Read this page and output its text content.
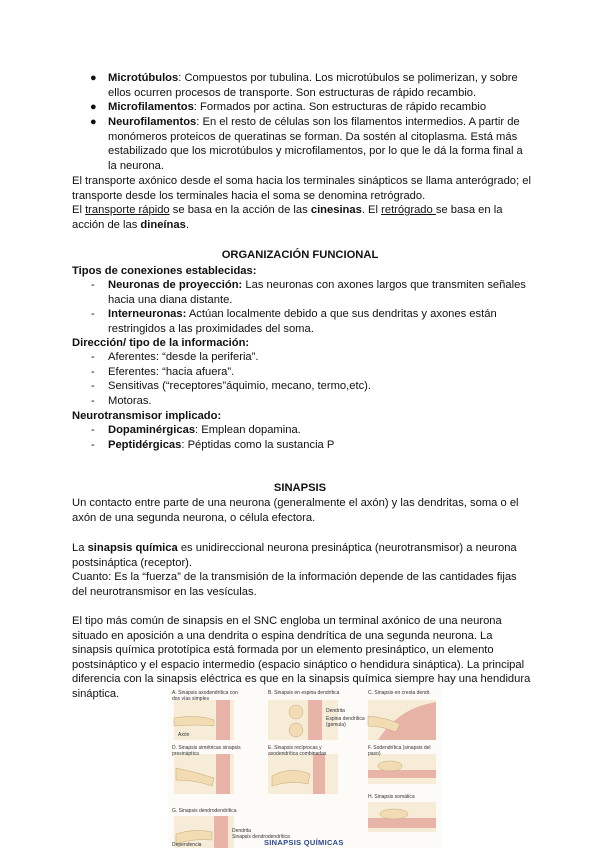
● Microtúbulos: Compuestos por tubulina. Los microtúbulos se polimerizan, y sobre
ellos ocurren procesos de transporte. Son estructuras de rápido recambio.
● Microfilamentos: Formados por actina. Son estructuras de rápido recambio
● Neurofilamentos: En el resto de células son los filamentos intermedios. A partir de
monómeros proteicos de queratinas se forman. Da sostén al citoplasma. Está más
estabilizado que los microtúbulos y microfilamentos, por lo que le dá la forma final a
la neurona.
El transporte axónico desde el soma hacia los terminales sinápticos se llama anterógrado; el
transporte desde los terminales hacia el soma se denomina retrógrado.
El transporte rápido se basa en la acción de las cinesinas. El retrógrado se basa en la
acción de las dineínas.
ORGANIZACIÓN FUNCIONAL
Tipos de conexiones establecidas:
- Neuronas de proyección: Las neuronas con axones largos que transmiten señales
hacia una diana distante.
- Interneuronas: Actúan localmente debido a que sus dendritas y axones están
restringidos a las proximidades del soma.
Dirección/ tipo de la información:
- Aferentes: “desde la periferia”.
- Eferentes: “hacia afuera”.
- Sensitivas (“receptores”áquimio, mecano, termo,etc).
- Motoras.
Neurotransmisor implicado:
- Dopaminérgicas: Emplean dopamina.
- Peptidérgicas: Péptidas como la sustancia P
SINAPSIS
Un contacto entre parte de una neurona (generalmente el axón) y las dendritas, soma o el
axón de una segunda neurona, o célula efectora.
La sinapsis química es unidireccional neurona presináptica (neurotransmisor) a neurona
postsináptica (receptor).
Cuanto: Es la “fuerza” de la transmisión de la información depende de las cantidades fijas
del neurotransmisor en las vesículas.
El tipo más común de sinapsis en el SNC engloba un terminal axónico de una neurona
situado en aposición a una dendrita o espina dendrítica de una segunda neurona. La
sinapsis química prototípica está formada por un elemento presináptico, un elemento
postsináptico y el espacio intermedio (espacio sináptico o hendidura sináptica). La principal
diferencia con la sinapsis eléctrica es que en la sinapsis química siempre hay una hendidura
sináptica.	A. Sinapsis axodendrítica con dos vías simples
B. Sinapsis en espina dendrítica	C. Sinapsis en cresta dendr.
D. Sinapsis simétricas sinapsis presináptica
E. Sinapsis recíprocas y axodendrítica combinadas
F. Sodendrítica (sinapsis del paso)
G. Sinapsis dendrodendrítica
H. Sinapsis somática
Axón
Dendrita
Espina dendrítica (gemula)
Dendrita
Sinapsis dendrodendrítica
Dependencia	SINAPSIS QUÍMICAS
